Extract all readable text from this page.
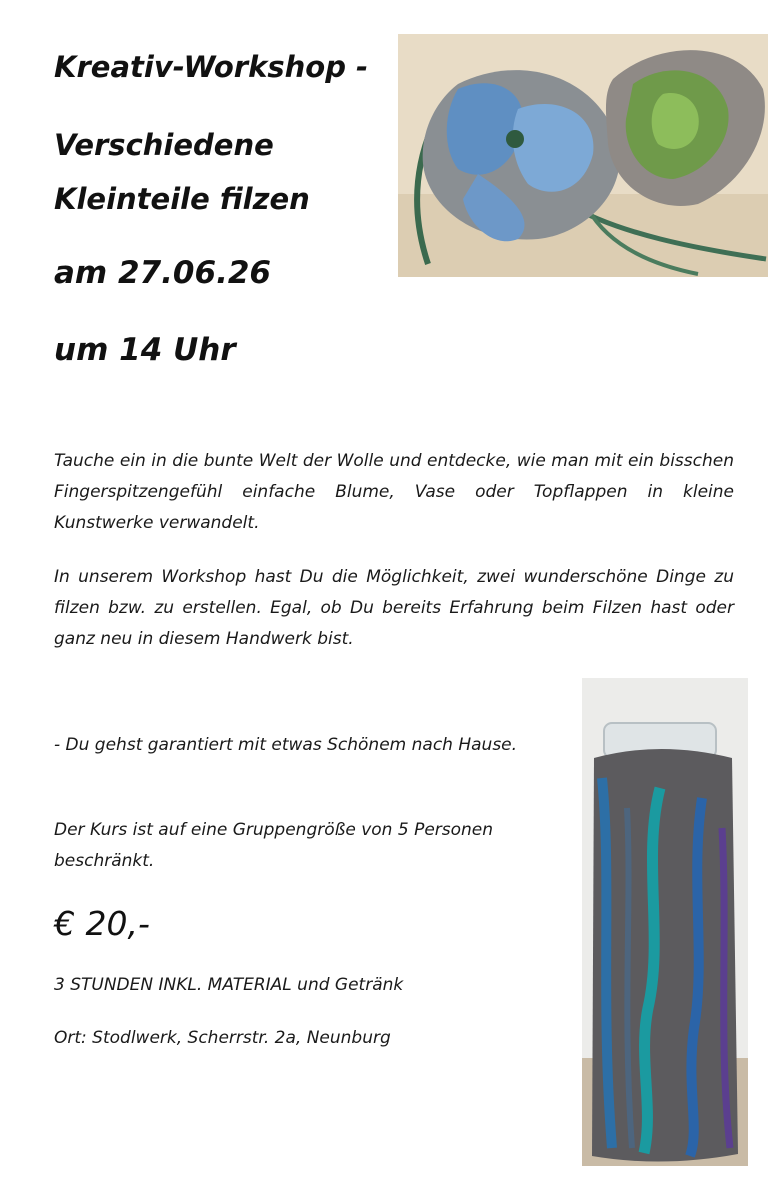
Kreativ-Workshop -
Verschiedene
Kleinteile filzen
am 27.06.26
um 14 Uhr
Tauche ein in die bunte Welt der Wolle und entdecke, wie man mit ein bisschen Fingerspitzengefühl einfache Blume, Vase oder Topflappen in kleine Kunstwerke verwandelt.
In unserem Workshop hast Du die Möglichkeit, zwei wunderschöne Dinge zu filzen bzw. zu erstellen. Egal, ob Du bereits Erfahrung beim Filzen hast oder ganz neu in diesem Handwerk bist.
- Du gehst garantiert mit etwas Schönem nach Hause.
Der Kurs ist auf eine Gruppengröße von 5 Personen beschränkt.
€ 20,-
3 STUNDEN INKL. MATERIAL und Getränk
Ort: Stodlwerk, Scherrstr. 2a, Neunburg
